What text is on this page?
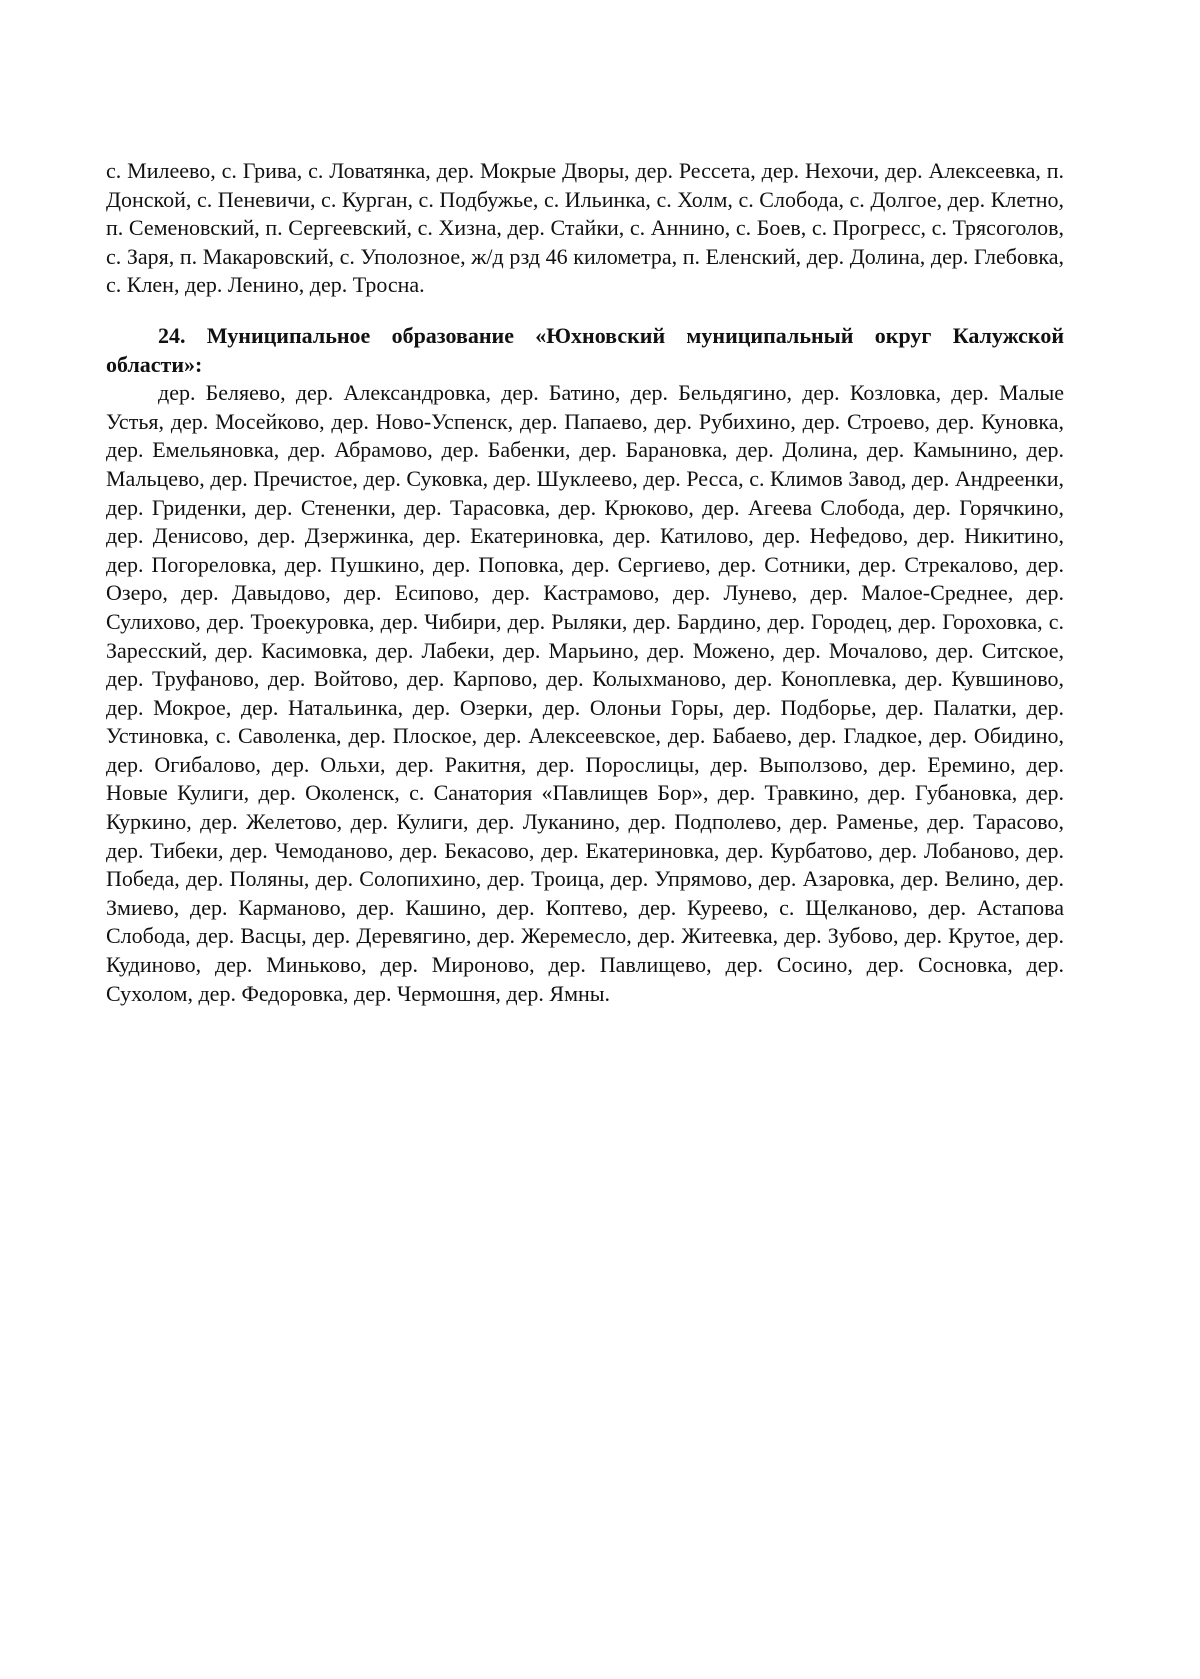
с. Милеево, с. Грива, с. Ловатянка, дер. Мокрые Дворы, дер. Рессета, дер. Нехочи, дер. Алексеевка, п. Донской, с. Пеневичи, с. Курган, с. Подбужье, с. Ильинка, с. Холм, с. Слобода, с. Долгое, дер. Клетно, п. Семеновский, п. Сергеевский, с. Хизна, дер. Стайки, с. Аннино, с. Боев, с. Прогресс, с. Трясоголов, с. Заря, п. Макаровский, с. Уполозное, ж/д рзд 46 километра, п. Еленский, дер. Долина, дер. Глебовка, с. Клен, дер. Ленино, дер. Тросна.

24. Муниципальное образование «Юхновский муниципальный округ Калужской области»:

дер. Беляево, дер. Александровка, дер. Батино, дер. Бельдягино, дер. Козловка, дер. Малые Устья, дер. Мосейково, дер. Ново-Успенск, дер. Папаево, дер. Рубихино, дер. Строево, дер. Куновка, дер. Емельяновка, дер. Абрамово, дер. Бабенки, дер. Барановка, дер. Долина, дер. Камынино, дер. Мальцево, дер. Пречистое, дер. Суковка, дер. Шуклеево, дер. Ресса, с. Климов Завод, дер. Андреенки, дер. Гриденки, дер. Стененки, дер. Тарасовка, дер. Крюково, дер. Агеева Слобода, дер. Горячкино, дер. Денисово, дер. Дзержинка, дер. Екатериновка, дер. Катилово, дер. Нефедово, дер. Никитино, дер. Погореловка, дер. Пушкино, дер. Поповка, дер. Сергиево, дер. Сотники, дер. Стрекалово, дер. Озеро, дер. Давыдово, дер. Есипово, дер. Кастрамово, дер. Лунево, дер. Малое-Среднее, дер. Сулихово, дер. Троекуровка, дер. Чибири, дер. Рыляки, дер. Бардино, дер. Городец, дер. Гороховка, с. Заресский, дер. Касимовка, дер. Лабеки, дер. Марьино, дер. Можено, дер. Мочалово, дер. Ситское, дер. Труфаново, дер. Войтово, дер. Карпово, дер. Колыхманово, дер. Коноплевка, дер. Кувшиново, дер. Мокрое, дер. Натальинка, дер. Озерки, дер. Олоньи Горы, дер. Подборье, дер. Палатки, дер. Устиновка, с. Саволенка, дер. Плоское, дер. Алексеевское, дер. Бабаево, дер. Гладкое, дер. Обидино, дер. Огибалово, дер. Ольхи, дер. Ракитня, дер. Порослицы, дер. Выползово, дер. Еремино, дер. Новые Кулиги, дер. Околенск, с. Санатория «Павлищев Бор», дер. Травкино, дер. Губановка, дер. Куркино, дер. Желетово, дер. Кулиги, дер. Луканино, дер. Подполево, дер. Раменье, дер. Тарасово, дер. Тибеки, дер. Чемоданово, дер. Бекасово, дер. Екатериновка, дер. Курбатово, дер. Лобаново, дер. Победа, дер. Поляны, дер. Солопихино, дер. Троица, дер. Упрямово, дер. Азаровка, дер. Велино, дер. Змиево, дер. Карманово, дер. Кашино, дер. Коптево, дер. Куреево, с. Щелканово, дер. Астапова Слобода, дер. Васцы, дер. Деревягино, дер. Жеремесло, дер. Житеевка, дер. Зубово, дер. Крутое, дер. Кудиново, дер. Миньково, дер. Мироново, дер. Павлищево, дер. Сосино, дер. Сосновка, дер. Сухолом, дер. Федоровка, дер. Чермошня, дер. Ямны.
